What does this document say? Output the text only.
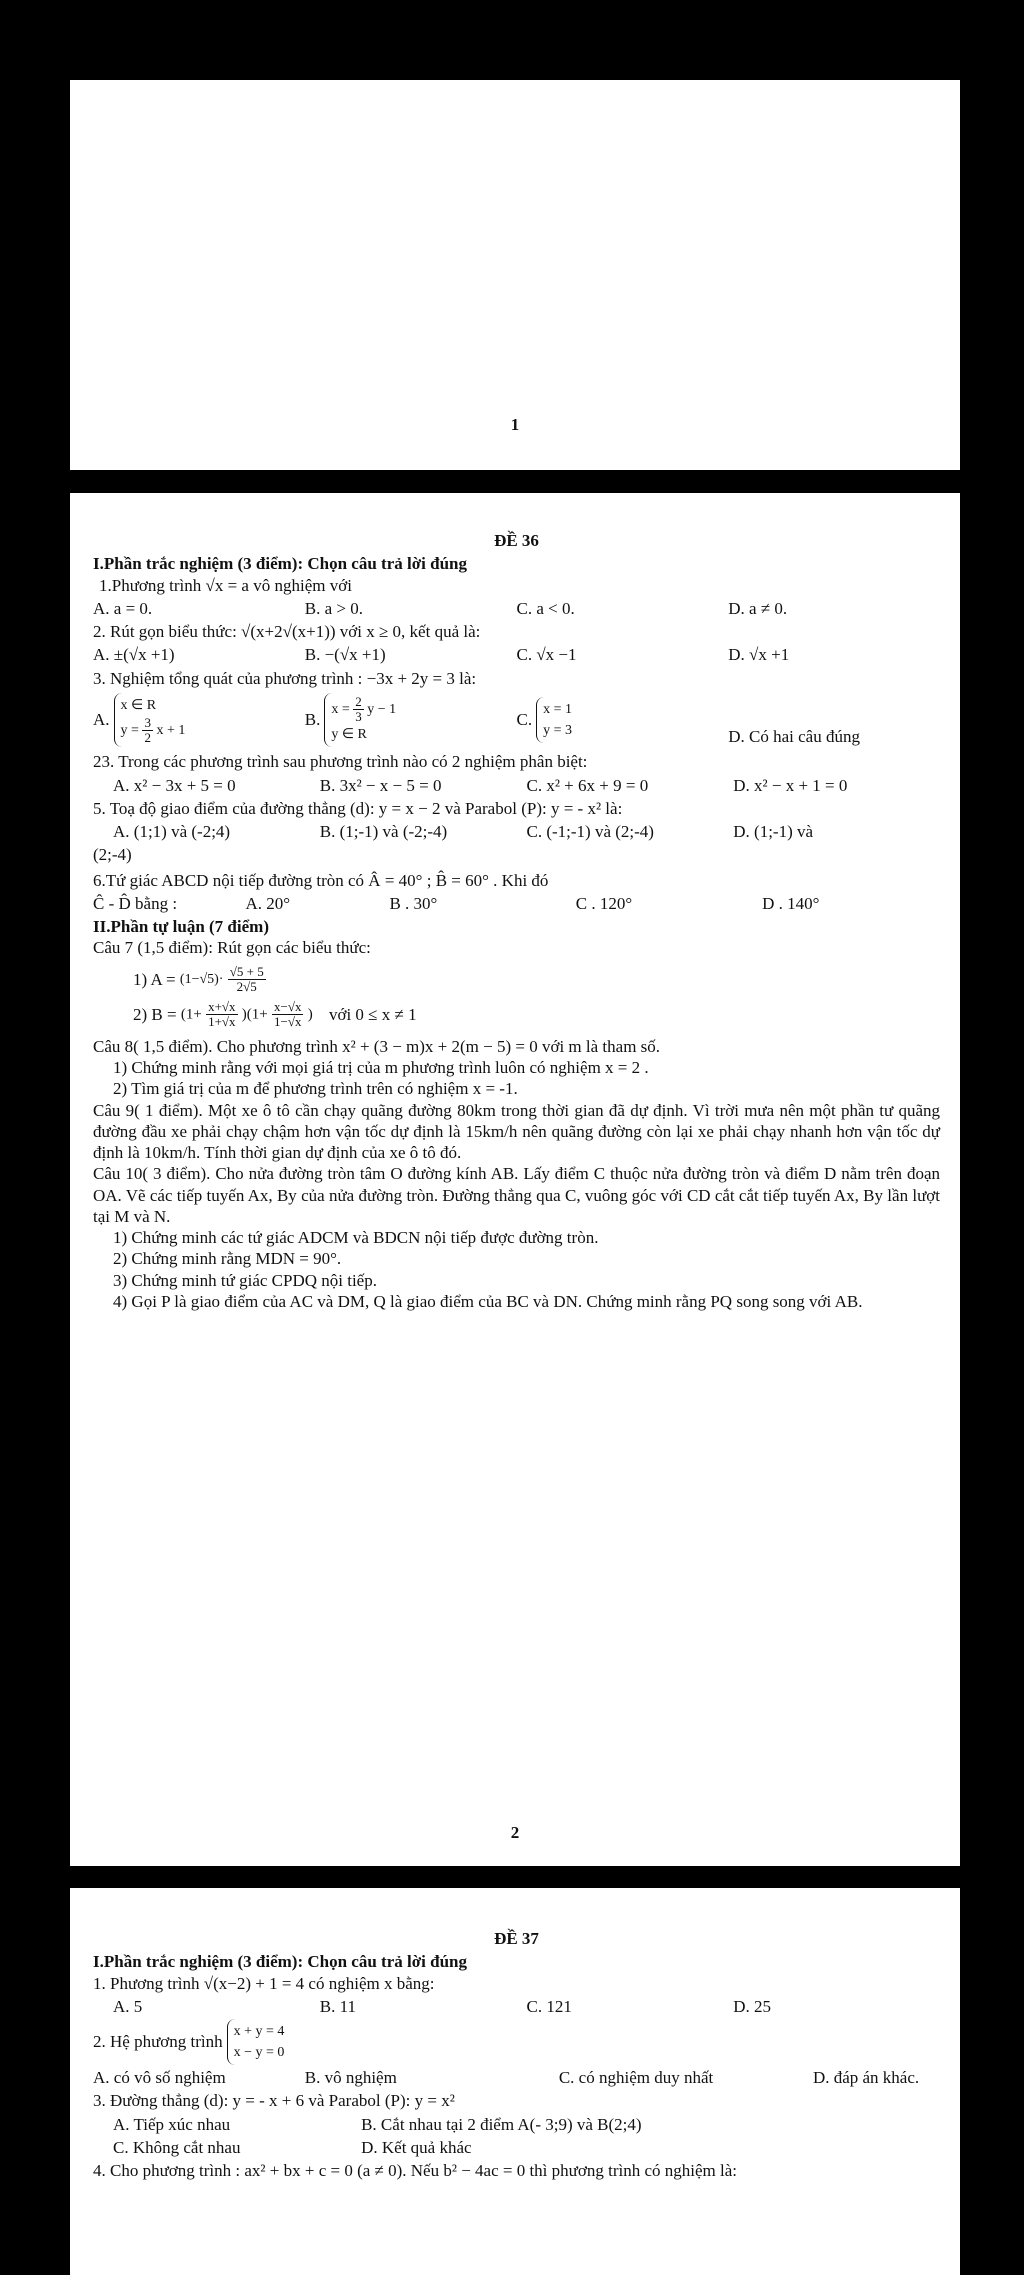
1
ĐỀ 36
I.Phần trắc nghiệm (3 điểm): Chọn câu trả lời đúng
1.Phương trình √x = a vô nghiệm với
A. a = 0.	B. a > 0.	C. a < 0.	D. a ≠ 0.
2. Rút gọn biểu thức: √(x+2√(x+1)) với x ≥ 0, kết quả là:
A. ±(√x +1)	B. −(√x +1)	C. √x −1	D. √x +1
3. Nghiệm tổng quát của phương trình : −3x + 2y = 3 là:
A.
x ∈ R
$y = \frac{3}{2}$ x + 1
B.
$x = \frac{2}{3}$ y − 1
y ∈ R
C.
x = 1
y = 3	D. Có hai câu đúng
23. Trong các phương trình sau phương trình nào có 2 nghiệm phân biệt:
A. x² − 3x + 5 = 0	B. 3x² − x − 5 = 0	C. x² + 6x + 9 = 0	D. x² − x + 1 = 0
5. Toạ độ giao điểm của đường thẳng (d): y = x − 2 và Parabol (P): y = - x² là:
A. (1;1) và (-2;4)	B. (1;-1) và (-2;-4)	C. (-1;-1) và (2;-4)	D. (1;-1) và
(2;-4)
6.Tứ giác ABCD nội tiếp đường tròn có Â = 40° ; B̂ = 60° . Khi đó
Ĉ - D̂ bằng :	A. 20°	B . 30°	C . 120°	D . 140°
II.Phần tự luận (7 điểm)
Câu 7 (1,5 điểm): Rút gọn các biểu thức:
1) $A = (1-√5)\cdot \frac{√5 + 5}{2√5}$
2) $B = (1+ \frac{x+√x}{1+√x} )(1+ \frac{x-√x}{1-√x}$ ) với 0 ≤ x ≠ 1
Câu 8( 1,5 điểm). Cho phương trình x² + (3 − m)x + 2(m − 5) = 0 với m là tham số.
1) Chứng minh rằng với mọi giá trị của m phương trình luôn có nghiệm x = 2 .
2) Tìm giá trị của m để phương trình trên có nghiệm x = -1.
Câu 9( 1 điểm). Một xe ô tô cần chạy quãng đường 80km trong thời gian đã dự định. Vì trời mưa nên một phần tư quãng đường đầu xe phải chạy chậm hơn vận tốc dự định là 15km/h nên quãng đường còn lại xe phải chạy nhanh hơn vận tốc dự định là 10km/h. Tính thời gian dự định của xe ô tô đó.
Câu 10( 3 điểm). Cho nửa đường tròn tâm O đường kính AB. Lấy điểm C thuộc nửa đường tròn và điểm D nằm trên đoạn OA. Vẽ các tiếp tuyến Ax, By của nửa đường tròn. Đường thẳng qua C, vuông góc với CD cắt cắt tiếp tuyến Ax, By lần lượt tại M và N.
1) Chứng minh các tứ giác ADCM và BDCN nội tiếp được đường tròn.
2) Chứng minh rằng MDN = 90°.
3) Chứng minh tứ giác CPDQ nội tiếp.
4) Gọi P là giao điểm của AC và DM, Q là giao điểm của BC và DN. Chứng minh rằng PQ song song với AB.
2
ĐỀ 37
I.Phần trắc nghiệm (3 điểm): Chọn câu trả lời đúng
1. Phương trình √(x−2) + 1 = 4 có nghiệm x bằng:
A. 5	B. 11	C. 121	D. 25
2. Hệ phương trình
x + y = 4
x − y = 0
A. có vô số nghiệm	B. vô nghiệm	C. có nghiệm duy nhất	D. đáp án khác.
3. Đường thẳng (d): y = - x + 6 và Parabol (P): y = x²
A. Tiếp xúc nhau	B. Cắt nhau tại 2 điểm A(- 3;9) và B(2;4)
C. Không cắt nhau	D. Kết quả khác
4. Cho phương trình : ax² + bx + c = 0 (a ≠ 0). Nếu b² − 4ac = 0 thì phương trình có nghiệm là:
